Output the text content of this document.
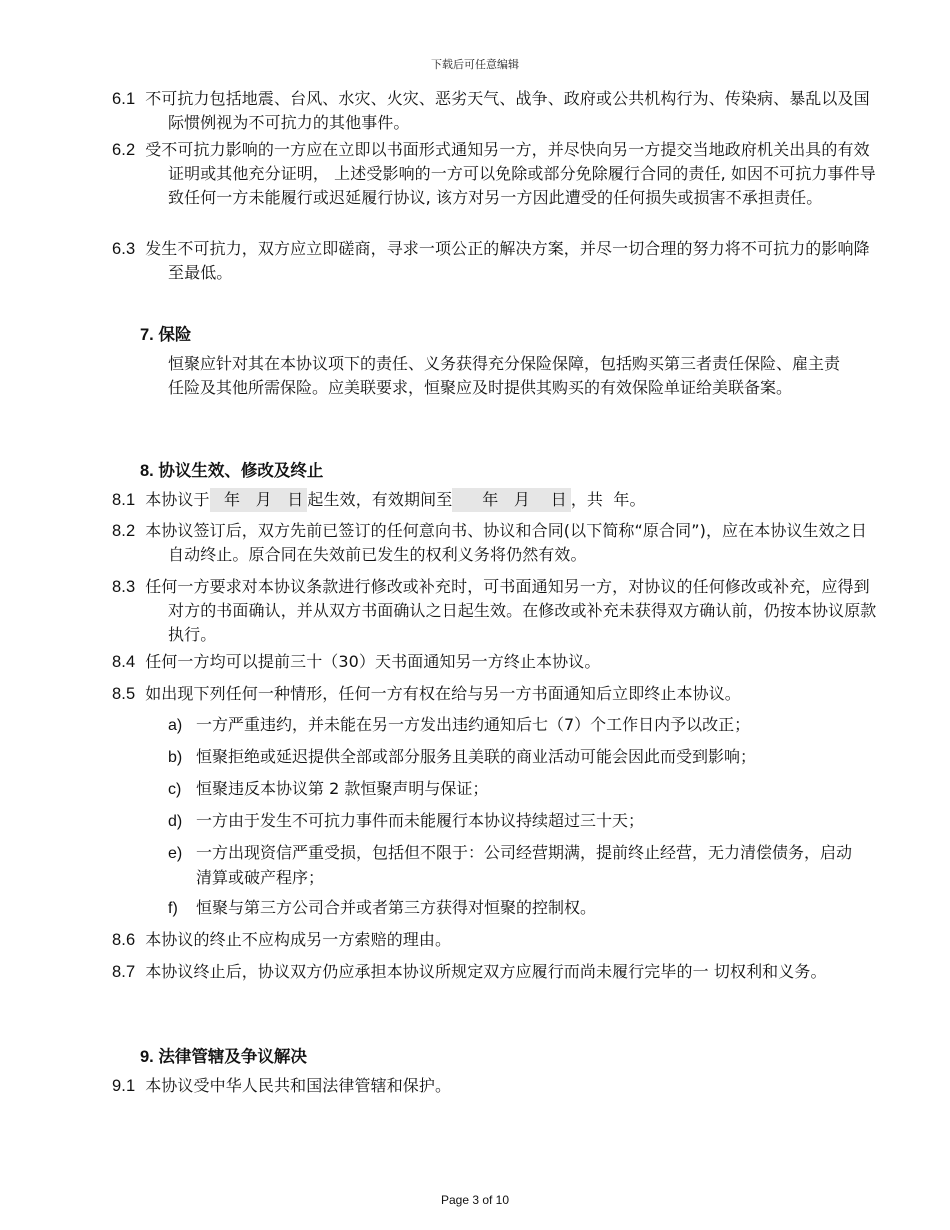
下载后可任意编辑
6.1 不可抗力包括地震、台风、水灾、火灾、恶劣天气、战争、政府或公共机构行为、传染病、暴乱以及国际惯例视为不可抗力的其他事件。
6.2 受不可抗力影响的一方应在立即以书面形式通知另一方，并尽快向另一方提交当地政府机关出具的有效证明或其他充分证明， 上述受影响的一方可以免除或部分免除履行合同的责任, 如因不可抗力事件导致任何一方未能履行或迟延履行协议, 该方对另一方因此遭受的任何损失或损害不承担责任。
6.3 发生不可抗力，双方应立即磋商，寻求一项公正的解决方案，并尽一切合理的努力将不可抗力的影响降至最低。
7. 保险
恒聚应针对其在本协议项下的责任、义务获得充分保险保障，包括购买第三者责任保险、雇主责任险及其他所需保险。应美联要求，恒聚应及时提供其购买的有效保险单证给美联备案。
8. 协议生效、修改及终止
8.1 本协议于  年   月   日 起生效，有效期间至     年   月    日 ，共  年。
8.2 本协议签订后，双方先前已签订的任何意向书、协议和合同(以下简称“原合同”)，应在本协议生效之日自动终止。原合同在失效前已发生的权利义务将仍然有效。
8.3 任何一方要求对本协议条款进行修改或补充时，可书面通知另一方，对协议的任何修改或补充，应得到对方的书面确认，并从双方书面确认之日起生效。在修改或补充未获得双方确认前，仍按本协议原款执行。
8.4 任何一方均可以提前三十（30）天书面通知另一方终止本协议。
8.5 如出现下列任何一种情形，任何一方有权在给与另一方书面通知后立即终止本协议。
a) 一方严重违约，并未能在另一方发出违约通知后七（7）个工作日内予以改正；
b) 恒聚拒绝或延迟提供全部或部分服务且美联的商业活动可能会因此而受到影响；
c) 恒聚违反本协议第 2 款恒聚声明与保证；
d) 一方由于发生不可抗力事件而未能履行本协议持续超过三十天；
e) 一方出现资信严重受损，包括但不限于：公司经营期满，提前终止经营，无力清偿债务，启动清算或破产程序；
f) 恒聚与第三方公司合并或者第三方获得对恒聚的控制权。
8.6 本协议的终止不应构成另一方索赔的理由。
8.7 本协议终止后，协议双方仍应承担本协议所规定双方应履行而尚未履行完毕的一 切权利和义务。
9. 法律管辖及争议解决
9.1 本协议受中华人民共和国法律管辖和保护。
Page 3 of 10
